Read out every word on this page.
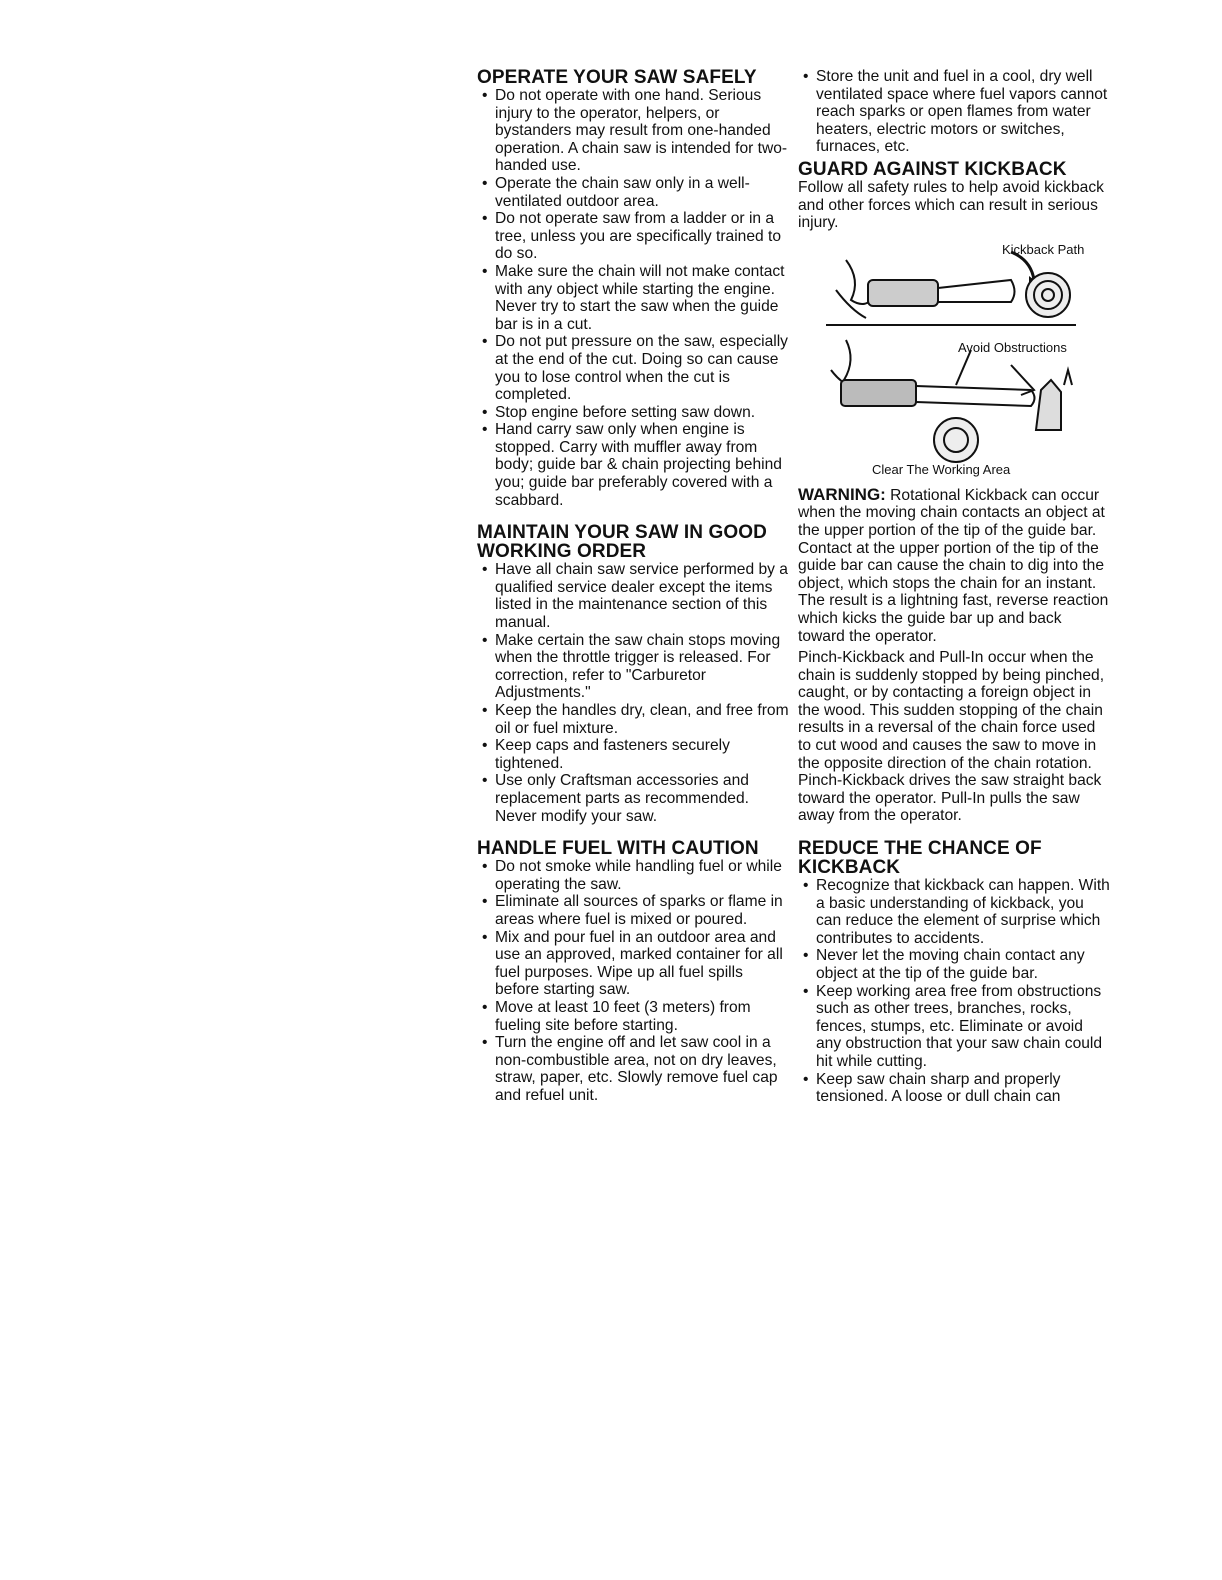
OPERATE YOUR SAW SAFELY
• Do not operate with one hand. Serious injury to the operator, helpers, or bystanders may result from one-handed operation. A chain saw is intended for two-handed use.
• Operate the chain saw only in a well-ventilated outdoor area.
• Do not operate saw from a ladder or in a tree, unless you are specifically trained to do so.
• Make sure the chain will not make contact with any object while starting the engine. Never try to start the saw when the guide bar is in a cut.
• Do not put pressure on the saw, especially at the end of the cut. Doing so can cause you to lose control when the cut is completed.
• Stop engine before setting saw down.
• Hand carry saw only when engine is stopped. Carry with muffler away from body; guide bar & chain projecting behind you; guide bar preferably covered with a scabbard.
MAINTAIN YOUR SAW IN GOOD WORKING ORDER
• Have all chain saw service performed by a qualified service dealer except the items listed in the maintenance section of this manual.
• Make certain the saw chain stops moving when the throttle trigger is released. For correction, refer to "Carburetor Adjustments."
• Keep the handles dry, clean, and free from oil or fuel mixture.
• Keep caps and fasteners securely tightened.
• Use only Craftsman accessories and replacement parts as recommended. Never modify your saw.
HANDLE FUEL WITH CAUTION
• Do not smoke while handling fuel or while operating the saw.
• Eliminate all sources of sparks or flame in areas where fuel is mixed or poured.
• Mix and pour fuel in an outdoor area and use an approved, marked container for all fuel purposes. Wipe up all fuel spills before starting saw.
• Move at least 10 feet (3 meters) from fueling site before starting.
• Turn the engine off and let saw cool in a non-combustible area, not on dry leaves, straw, paper, etc. Slowly remove fuel cap and refuel unit.
• Store the unit and fuel in a cool, dry well ventilated space where fuel vapors cannot reach sparks or open flames from water heaters, electric motors or switches, furnaces, etc.
GUARD AGAINST KICKBACK

Follow all safety rules to help avoid kickback and other forces which can result in serious injury.

Kickback Path
Avoid Obstructions
Clear The Working Area

WARNING: Rotational Kickback can occur when the moving chain contacts an object at the upper portion of the tip of the guide bar. Contact at the upper portion of the tip of the guide bar can cause the chain to dig into the object, which stops the chain for an instant. The result is a lightning fast, reverse reaction which kicks the guide bar up and back toward the operator.

Pinch-Kickback and Pull-In occur when the chain is suddenly stopped by being pinched, caught, or by contacting a foreign object in the wood. This sudden stopping of the chain results in a reversal of the chain force used to cut wood and causes the saw to move in the opposite direction of the chain rotation. Pinch-Kickback drives the saw straight back toward the operator. Pull-In pulls the saw away from the operator.

REDUCE THE CHANCE OF KICKBACK
• Recognize that kickback can happen. With a basic understanding of kickback, you can reduce the element of surprise which contributes to accidents.
• Never let the moving chain contact any object at the tip of the guide bar.
• Keep working area free from obstructions such as other trees, branches, rocks, fences, stumps, etc. Eliminate or avoid any obstruction that your saw chain could hit while cutting.
• Keep saw chain sharp and properly tensioned. A loose or dull chain can
